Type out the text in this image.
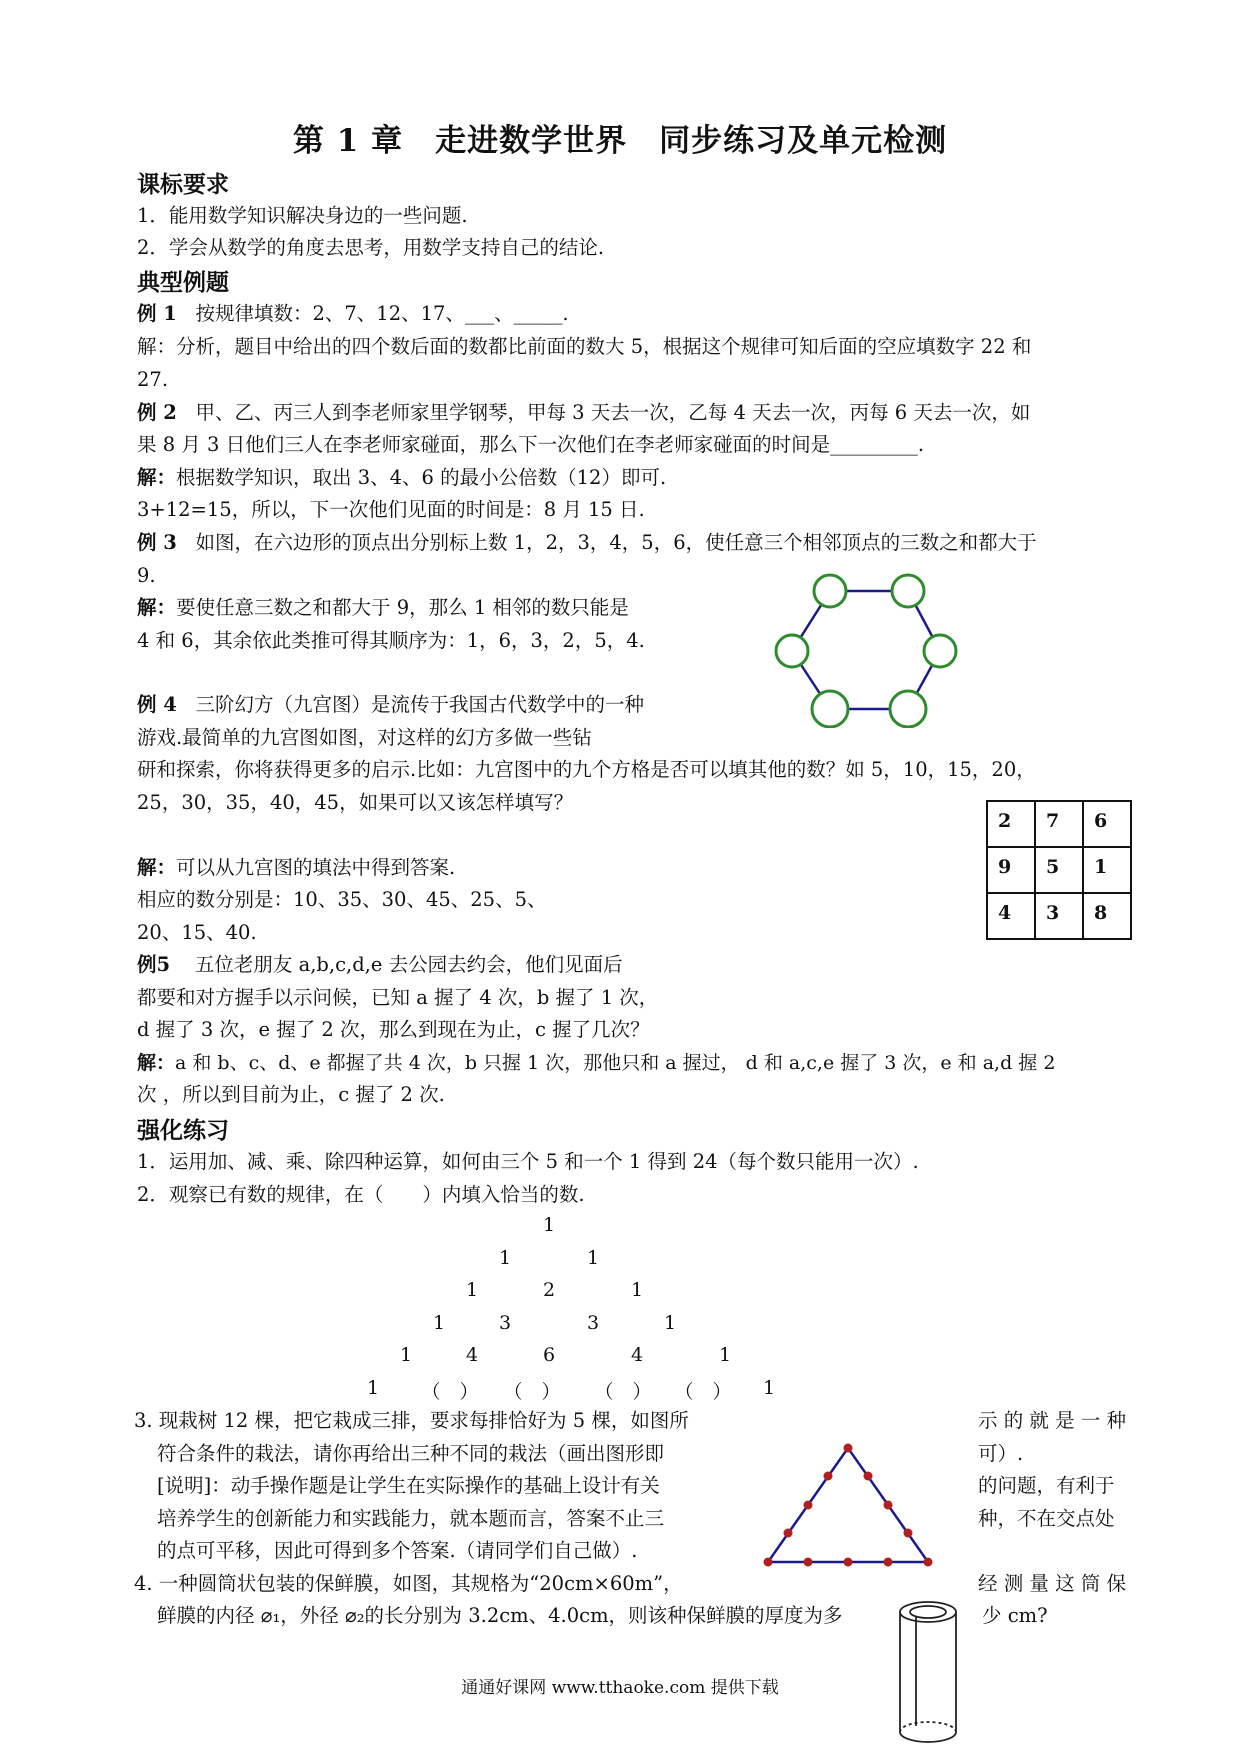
第 1 章　走进数学世界　同步练习及单元检测
课标要求
1．能用数学知识解决身边的一些问题.
2．学会从数学的角度去思考，用数学支持自己的结论.
典型例题
例 1 按规律填数：2、7、12、17、___、_____.
解：分析，题目中给出的四个数后面的数都比前面的数大 5，根据这个规律可知后面的空应填数字 22 和
27.
例 2 甲、乙、丙三人到李老师家里学钢琴，甲每 3 天去一次，乙每 4 天去一次，丙每 6 天去一次，如
果 8 月 3 日他们三人在李老师家碰面，那么下一次他们在李老师家碰面的时间是_________.
解：根据数学知识，取出 3、4、6 的最小公倍数（12）即可.
3+12=15，所以，下一次他们见面的时间是：8 月 15 日.
例 3 如图，在六边形的顶点出分别标上数 1，2，3，4，5，6，使任意三个相邻顶点的三数之和都大于
9.
解：要使任意三数之和都大于 9，那么 1 相邻的数只能是
4 和 6，其余依此类推可得其顺序为：1，6，3，2，5，4.
例 4 三阶幻方（九宫图）是流传于我国古代数学中的一种
游戏.最简单的九宫图如图，对这样的幻方多做一些钻
研和探索，你将获得更多的启示.比如：九宫图中的九个方格是否可以填其他的数？如 5，10，15，20，
25，30，35，40，45，如果可以又该怎样填写？
解：可以从九宫图的填法中得到答案.
相应的数分别是：10、35、30、45、25、5、
20、15、40.
2	7	6
9	5	1
4	3	8
例5 五位老朋友 a,b,c,d,e 去公园去约会，他们见面后
都要和对方握手以示问候，已知 a 握了 4 次，b 握了 1 次，
d 握了 3 次，e 握了 2 次，那么到现在为止，c 握了几次？
解：a 和 b、c、d、e 都握了共 4 次，b 只握 1 次，那他只和 a 握过， d 和 a,c,e 握了 3 次，e 和 a,d 握 2
次 ，所以到目前为止，c 握了 2 次.
强化练习
1．运用加、减、乘、除四种运算，如何由三个 5 和一个 1 得到 24（每个数只能用一次）.
2．观察已有数的规律，在（　　）内填入恰当的数.
1
1	1
1	2	1
1	3	3	1
1	4	6	4	1
1	（　）	（　）	（　）	（　）	1
3. 现栽树 12 棵，把它栽成三排，要求每排恰好为 5 棵，如图所	示 的 就 是 一 种
符合条件的栽法，请你再给出三种不同的栽法（画出图形即	可）.
[说明]：动手操作题是让学生在实际操作的基础上设计有关	的问题，有利于
培养学生的创新能力和实践能力，就本题而言，答案不止三	种，不在交点处
的点可平移，因此可得到多个答案.（请同学们自己做）.
4. 一种圆筒状包装的保鲜膜，如图，其规格为“20cm×60m”，	经 测 量 这 筒 保
鲜膜的内径 ⌀₁，外径 ⌀₂的长分别为 3.2cm、4.0cm，则该种保鲜膜的厚度为多	少 cm?
通通好课网 www.tthaoke.com 提供下载
